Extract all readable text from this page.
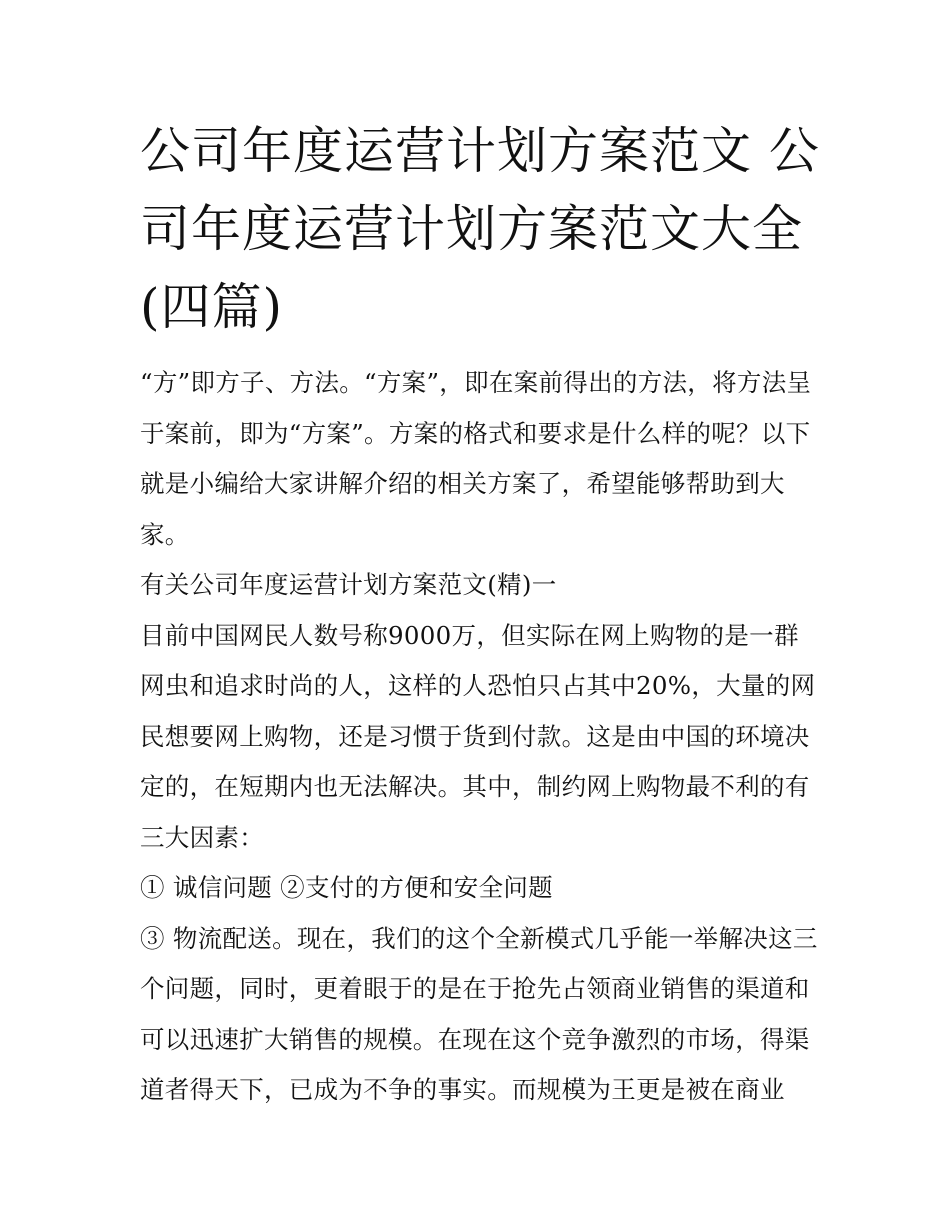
公司年度运营计划方案范文 公司年度运营计划方案范文大全(四篇)

“方”即方子、方法。“方案”，即在案前得出的方法，将方法呈于案前，即为“方案”。方案的格式和要求是什么样的呢？以下就是小编给大家讲解介绍的相关方案了，希望能够帮助到大家。

有关公司年度运营计划方案范文(精)一

目前中国网民人数号称9000万，但实际在网上购物的是一群网虫和追求时尚的人，这样的人恐怕只占其中20%，大量的网民想要网上购物，还是习惯于货到付款。这是由中国的环境决定的，在短期内也无法解决。其中，制约网上购物最不利的有三大因素：

① 诚信问题 ②支付的方便和安全问题

③ 物流配送。现在，我们的这个全新模式几乎能一举解决这三个问题，同时，更着眼于的是在于抢先占领商业销售的渠道和可以迅速扩大销售的规模。在现在这个竞争激烈的市场，得渠道者得天下，已成为不争的事实。而规模为王更是被在商业
